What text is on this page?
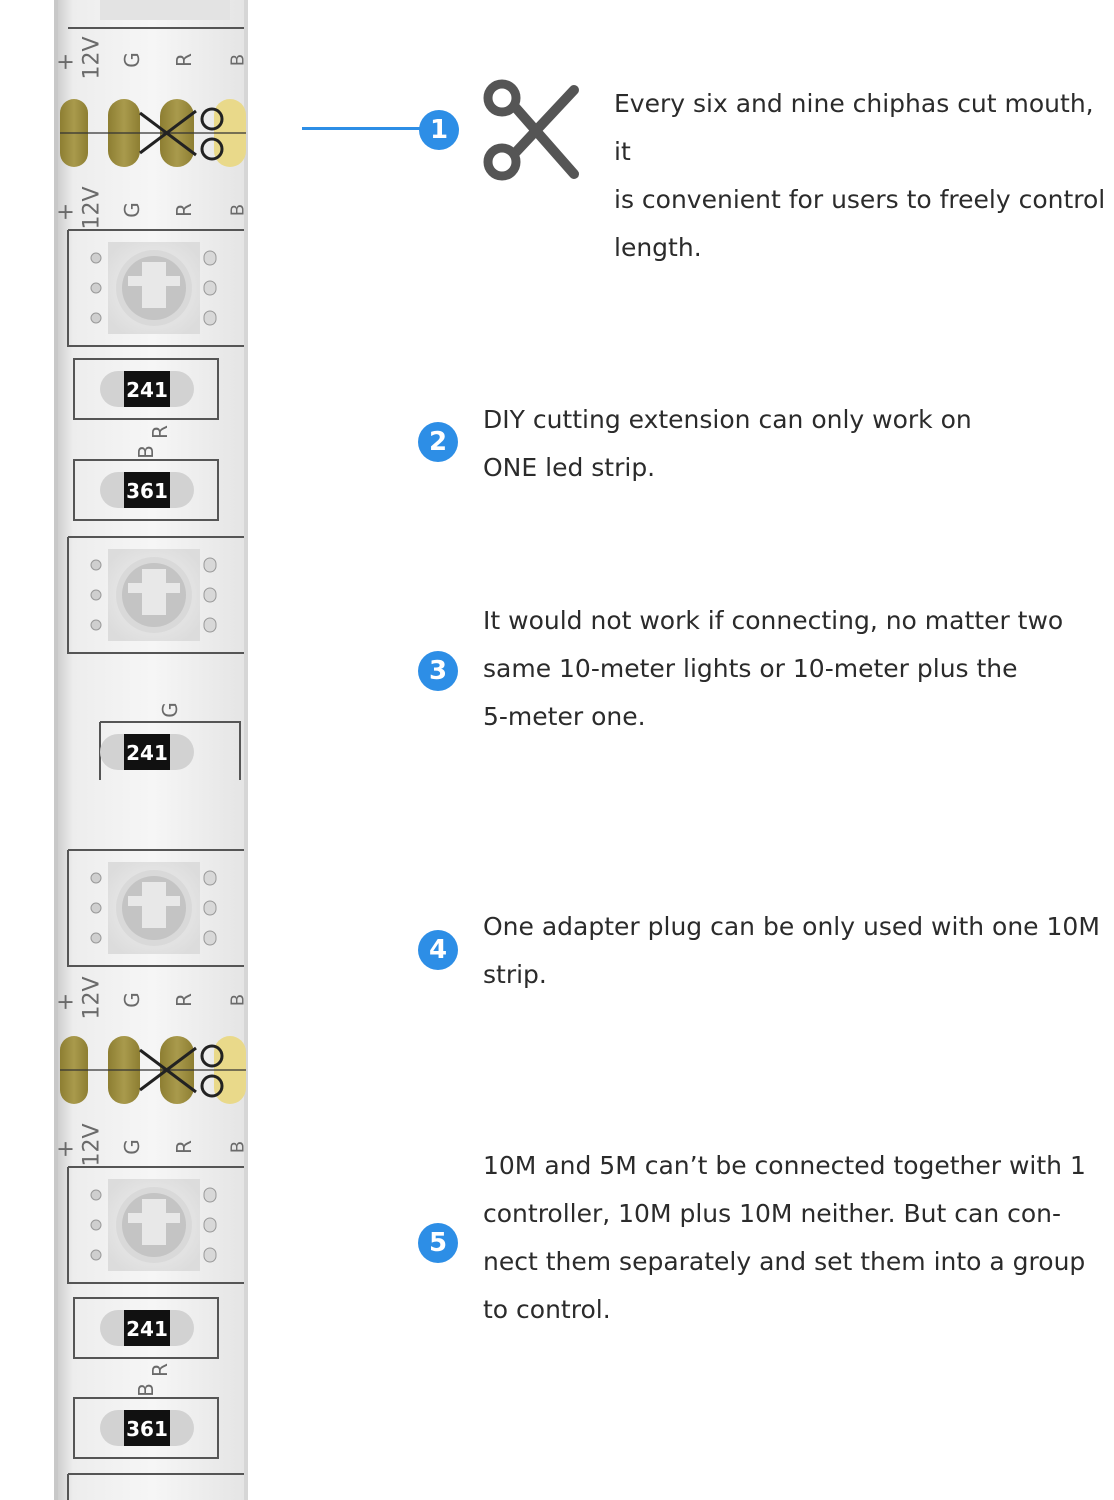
+ 12V G R B
+ 12V G R B
241
B
R
361
G
241
+ 12V G R B
+ 12V G R B
241
B
R
361
1

Every six and nine chiphas cut mouth, it
is convenient for users to freely control
length.

2

DIY cutting extension can only work on
ONE led strip.

3

It would not work if connecting, no matter two
same 10-meter lights or 10-meter plus the
5-meter one.

4

One adapter plug can be only used with one 10M
strip.

5

10M and 5M can’t be connected together with 1
controller, 10M plus 10M neither. But can con-
nect them separately and set them into a group
to control.
